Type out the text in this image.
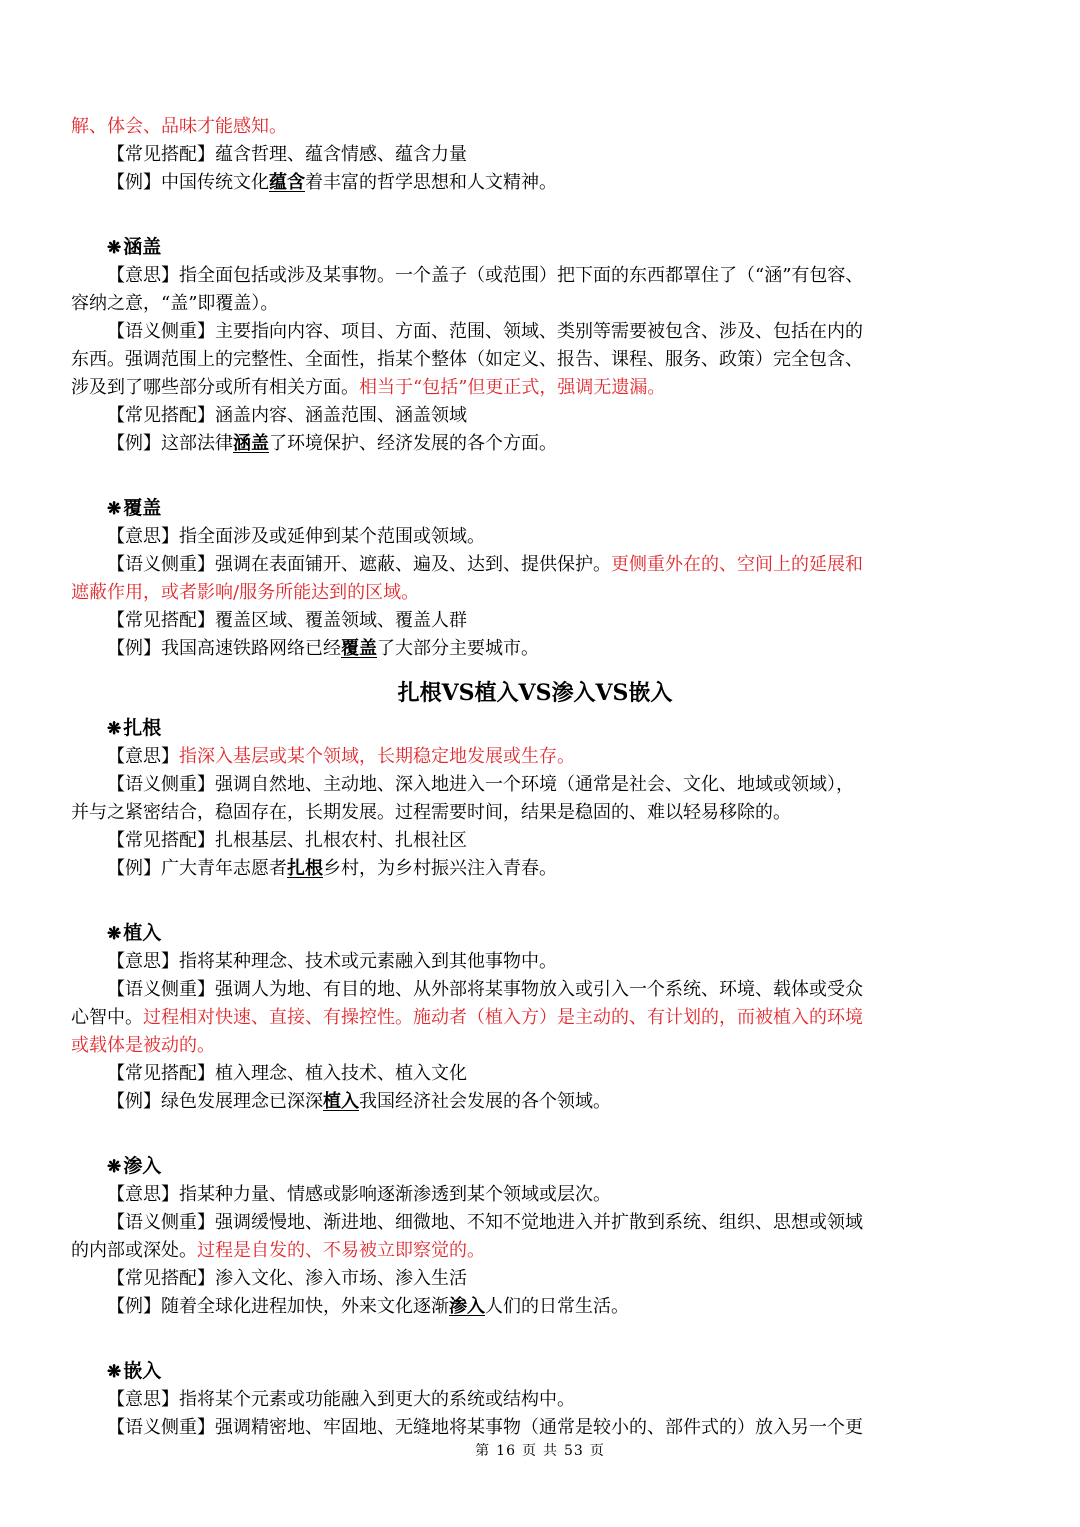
解、体会、品味才能感知。
【常见搭配】蕴含哲理、蕴含情感、蕴含力量
【例】中国传统文化蕴含着丰富的哲学思想和人文精神。
❋ 涵盖
【意思】指全面包括或涉及某事物。一个盖子（或范围）把下面的东西都罩住了（“涵”有包容、
容纳之意，“盖”即覆盖）。
【语义侧重】主要指向内容、项目、方面、范围、领域、类别等需要被包含、涉及、包括在内的
东西。强调范围上的完整性、全面性，指某个整体（如定义、报告、课程、服务、政策）完全包含、
涉及到了哪些部分或所有相关方面。相当于“包括”但更正式，强调无遗漏。
【常见搭配】涵盖内容、涵盖范围、涵盖领域
【例】这部法律涵盖了环境保护、经济发展的各个方面。
❋ 覆盖
【意思】指全面涉及或延伸到某个范围或领域。
【语义侧重】强调在表面铺开、遮蔽、遍及、达到、提供保护。更侧重外在的、空间上的延展和
遮蔽作用，或者影响/服务所能达到的区域。
【常见搭配】覆盖区域、覆盖领域、覆盖人群
【例】我国高速铁路网络已经覆盖了大部分主要城市。
扎根VS植入VS渗入VS嵌入
❋ 扎根
【意思】指深入基层或某个领域，长期稳定地发展或生存。
【语义侧重】强调自然地、主动地、深入地进入一个环境（通常是社会、文化、地域或领域），
并与之紧密结合，稳固存在，长期发展。过程需要时间，结果是稳固的、难以轻易移除的。
【常见搭配】扎根基层、扎根农村、扎根社区
【例】广大青年志愿者扎根乡村，为乡村振兴注入青春。
❋ 植入
【意思】指将某种理念、技术或元素融入到其他事物中。
【语义侧重】强调人为地、有目的地、从外部将某事物放入或引入一个系统、环境、载体或受众
心智中。过程相对快速、直接、有操控性。施动者（植入方）是主动的、有计划的，而被植入的环境
或载体是被动的。
【常见搭配】植入理念、植入技术、植入文化
【例】绿色发展理念已深深植入我国经济社会发展的各个领域。
❋ 渗入
【意思】指某种力量、情感或影响逐渐渗透到某个领域或层次。
【语义侧重】强调缓慢地、渐进地、细微地、不知不觉地进入并扩散到系统、组织、思想或领域
的内部或深处。过程是自发的、不易被立即察觉的。
【常见搭配】渗入文化、渗入市场、渗入生活
【例】随着全球化进程加快，外来文化逐渐渗入人们的日常生活。
❋ 嵌入
【意思】指将某个元素或功能融入到更大的系统或结构中。
【语义侧重】强调精密地、牢固地、无缝地将某事物（通常是较小的、部件式的）放入另一个更
第 16 页 共 53 页
